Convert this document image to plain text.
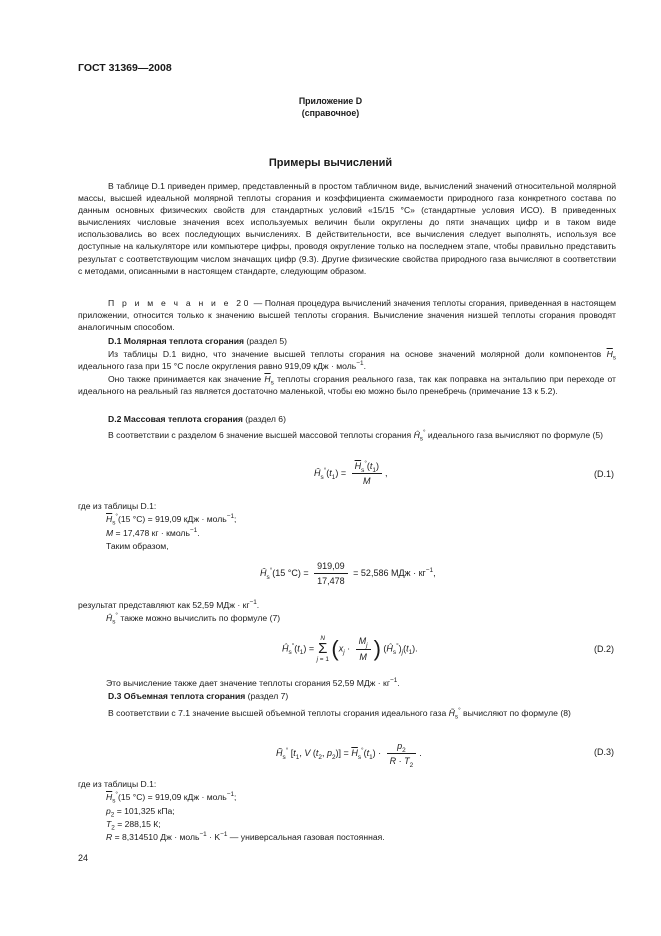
ГОСТ 31369—2008
Приложение D
(справочное)
Примеры вычислений

В таблице D.1 приведен пример, представленный в простом табличном виде, вычислений значений относительной молярной массы, высшей идеальной молярной теплоты сгорания и коэффициента сжимаемости природного газа конкретного состава по данным основных физических свойств для стандартных условий «15/15 °С» (стандартные условия ИСО). В приведенных вычислениях числовые значения всех используемых величин были округлены до пяти значащих цифр и в таком виде использовались во всех последующих вычислениях. В действительности, все вычисления следует выполнять, используя все доступные на калькуляторе или компьютере цифры, проводя округление только на последнем этапе, чтобы правильно представить результат с соответствующим числом значащих цифр (9.3). Другие физические свойства природного газа вычисляют в соответствии с методами, описанными в настоящем стандарте, следующим образом.

П р и м е ч а н и е 20 — Полная процедура вычислений значения теплоты сгорания, приведенная в настоящем приложении, относится только к значению высшей теплоты сгорания. Вычисление значения низшей теплоты сгорания проводят аналогичным способом.

D.1 Молярная теплота сгорания (раздел 5)

Из таблицы D.1 видно, что значение высшей теплоты сгорания на основе значений молярной доли компонентов $\overline{H}_s$ идеального газа при 15 °С после округления равно 919,09 кДж · моль$^{-1}$.

Оно также принимается как значение $\overline{H}_s$ теплоты сгорания реального газа, так как поправка на энтальпию при переходе от идеального на реальный газ является достаточно маленькой, чтобы ею можно было пренебречь (примечание 13 к 5.2).

D.2 Массовая теплота сгорания (раздел 6)

В соответствии с разделом 6 значение высшей массовой теплоты сгорания $Ĥ_s^\circ$ идеального газа вычисляют по формуле (5)

$Ĥ_s^\circ(t_1) = \frac{\overline{H}_s^\circ(t_1)}{M}$ ,	(D.1)
где из таблицы D.1:
$\overline{H}_s^\circ(15$ °С) = 919,09 кДж · моль$^{-1}$;
M = 17,478 кг · кмоль$^{-1}$.
Таким образом,
$Ĥ_s^\circ(15$ $^\circ С) = \frac{919,09}{17,478} = 52,586$ МДж · $кг^{-1}$,
результат представляют как 52,59 МДж · $кг^{-1}$.
$Ĥ_s^\circ$ также можно вычислить по формуле (7)
$Ĥ_s^\circ(t_1)$ =
N
Σ
j = 1 ($x_j \cdot \frac{M_j}{M}$ ) $(Ĥ_s^\circ)_j(t_1)$.	(D.2)
Это вычисление также дает значение теплоты сгорания 52,59 МДж · $кг^{-1}$.

D.3 Объемная теплота сгорания (раздел 7)

В соответствии с 7.1 значение высшей объемной теплоты сгорания идеального газа $H̃_s^\circ$ вычисляют по формуле (8)

$H̃_s^\circ$ [$t_1$, V ($t_2$, $p_2)] = \overline{H}_s^\circ(t_1) \cdot \frac{p_2}{R \cdot T_2}$ .	(D.3)
где из таблицы D.1:
$\overline{H}_s^\circ(15$ °С) = 919,09 кДж · моль$^{-1}$;
$p_2 = 101,325$ кПа;
$T_2 = 288,15$ К;
R = 8,314510 Дж · моль$^{-1}$ · $K^{-1}$ — универсальная газовая постоянная.
24
